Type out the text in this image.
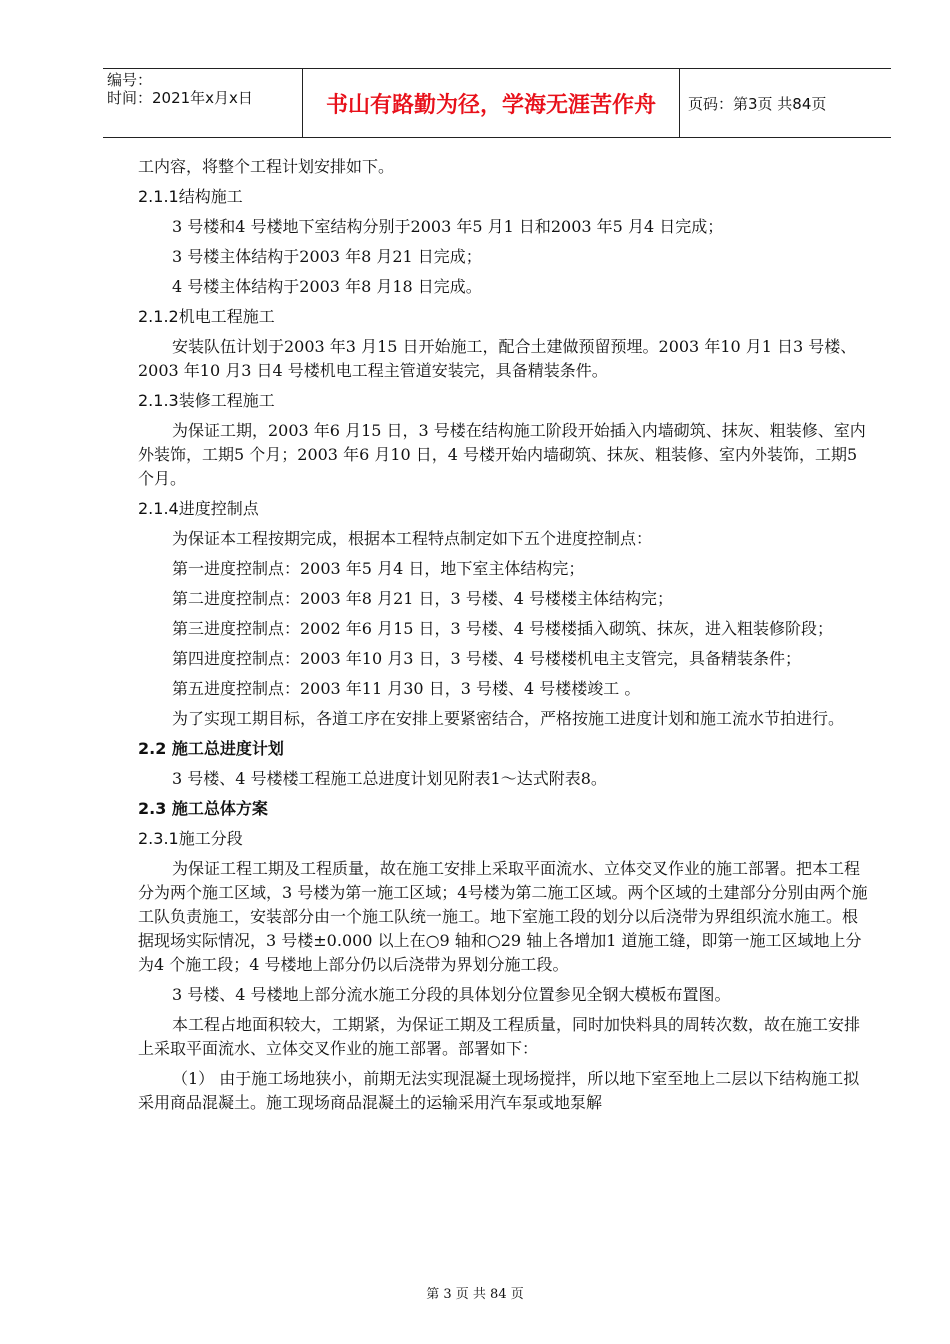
编号：
时间：2021年x月x日	书山有路勤为径，学海无涯苦作舟	页码：第3页 共84页

工内容，将整个工程计划安排如下。

2.1.1结构施工

3 号楼和4 号楼地下室结构分别于2003 年5 月1 日和2003 年5 月4 日完成；

3 号楼主体结构于2003 年8 月21 日完成；

4 号楼主体结构于2003 年8 月18 日完成。

2.1.2机电工程施工

安装队伍计划于2003 年3 月15 日开始施工，配合土建做预留预埋。2003 年10 月1 日3 号楼、2003 年10 月3 日4 号楼机电工程主管道安装完，具备精装条件。

2.1.3装修工程施工

为保证工期，2003 年6 月15 日，3 号楼在结构施工阶段开始插入内墙砌筑、抹灰、粗装修、室内外装饰，工期5 个月；2003 年6 月10 日，4 号楼开始内墙砌筑、抹灰、粗装修、室内外装饰，工期5 个月。

2.1.4进度控制点

为保证本工程按期完成，根据本工程特点制定如下五个进度控制点：

第一进度控制点：2003 年5 月4 日，地下室主体结构完；

第二进度控制点：2003 年8 月21 日，3 号楼、4 号楼楼主体结构完；

第三进度控制点：2002 年6 月15 日，3 号楼、4 号楼楼插入砌筑、抹灰，进入粗装修阶段；

第四进度控制点：2003 年10 月3 日，3 号楼、4 号楼楼机电主支管完，具备精装条件；

第五进度控制点：2003 年11 月30 日，3 号楼、4 号楼楼竣工 。

为了实现工期目标，各道工序在安排上要紧密结合，严格按施工进度计划和施工流水节拍进行。

2.2 施工总进度计划

3 号楼、4 号楼楼工程施工总进度计划见附表1～达式附表8。

2.3 施工总体方案

2.3.1施工分段

为保证工程工期及工程质量，故在施工安排上采取平面流水、立体交叉作业的施工部署。把本工程分为两个施工区域，3 号楼为第一施工区域；4号楼为第二施工区域。两个区域的土建部分分别由两个施工队负责施工，安装部分由一个施工队统一施工。地下室施工段的划分以后浇带为界组织流水施工。根据现场实际情况，3 号楼±0.000 以上在○9 轴和○29 轴上各增加1 道施工缝，即第一施工区域地上分为4 个施工段；4 号楼地上部分仍以后浇带为界划分施工段。

3 号楼、4 号楼地上部分流水施工分段的具体划分位置参见全钢大模板布置图。

本工程占地面积较大，工期紧，为保证工期及工程质量，同时加快料具的周转次数，故在施工安排上采取平面流水、立体交叉作业的施工部署。部署如下：

（1） 由于施工场地狭小，前期无法实现混凝土现场搅拌，所以地下室至地上二层以下结构施工拟采用商品混凝土。施工现场商品混凝土的运输采用汽车泵或地泵解

第 3 页 共 84 页
